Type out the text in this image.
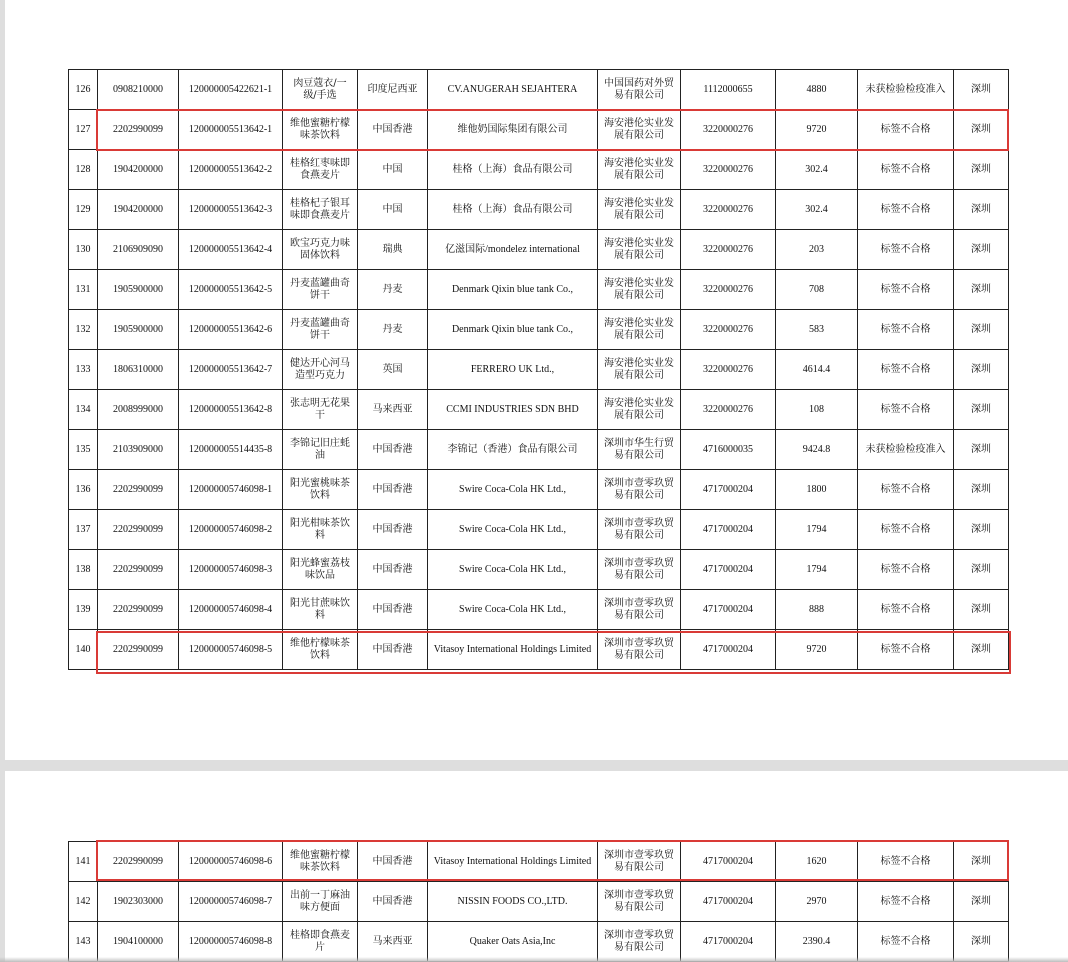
126	0908210000	120000005422621-1	肉豆蔻衣/一级/手选	印度尼西亚	CV.ANUGERAH SEJAHTERA	中国国药对外贸易有限公司	1112000655	4880	未获检验检疫准入	深圳
127	2202990099	120000005513642-1	维他蜜糖柠檬味茶饮料	中国香港	维他奶国际集团有限公司	海安港伦实业发展有限公司	3220000276	9720	标签不合格	深圳
128	1904200000	120000005513642-2	桂格红枣味即食燕麦片	中国	桂格（上海）食品有限公司	海安港伦实业发展有限公司	3220000276	302.4	标签不合格	深圳
129	1904200000	120000005513642-3	桂格杞子银耳味即食燕麦片	中国	桂格（上海）食品有限公司	海安港伦实业发展有限公司	3220000276	302.4	标签不合格	深圳
130	2106909090	120000005513642-4	欧宝巧克力味固体饮料	瑞典	亿滋国际/mondelez international	海安港伦实业发展有限公司	3220000276	203	标签不合格	深圳
131	1905900000	120000005513642-5	丹麦蓝罐曲奇饼干	丹麦	Denmark Qixin blue tank Co.,	海安港伦实业发展有限公司	3220000276	708	标签不合格	深圳
132	1905900000	120000005513642-6	丹麦蓝罐曲奇饼干	丹麦	Denmark Qixin blue tank Co.,	海安港伦实业发展有限公司	3220000276	583	标签不合格	深圳
133	1806310000	120000005513642-7	健达开心河马造型巧克力	英国	FERRERO UK Ltd.,	海安港伦实业发展有限公司	3220000276	4614.4	标签不合格	深圳
134	2008999000	120000005513642-8	张志明无花果干	马来西亚	CCMI INDUSTRIES SDN BHD	海安港伦实业发展有限公司	3220000276	108	标签不合格	深圳
135	2103909000	120000005514435-8	李锦记旧庄蚝油	中国香港	李锦记（香港）食品有限公司	深圳市华生行贸易有限公司	4716000035	9424.8	未获检验检疫准入	深圳
136	2202990099	120000005746098-1	阳光蜜桃味茶饮料	中国香港	Swire Coca-Cola HK Ltd.,	深圳市壹零玖贸易有限公司	4717000204	1800	标签不合格	深圳
137	2202990099	120000005746098-2	阳光柑味茶饮料	中国香港	Swire Coca-Cola HK Ltd.,	深圳市壹零玖贸易有限公司	4717000204	1794	标签不合格	深圳
138	2202990099	120000005746098-3	阳光蜂蜜荔枝味饮品	中国香港	Swire Coca-Cola HK Ltd.,	深圳市壹零玖贸易有限公司	4717000204	1794	标签不合格	深圳
139	2202990099	120000005746098-4	阳光甘蔗味饮料	中国香港	Swire Coca-Cola HK Ltd.,	深圳市壹零玖贸易有限公司	4717000204	888	标签不合格	深圳
140	2202990099	120000005746098-5	维他柠檬味茶饮料	中国香港	Vitasoy International Holdings Limited	深圳市壹零玖贸易有限公司	4717000204	9720	标签不合格	深圳
141	2202990099	120000005746098-6	维他蜜糖柠檬味茶饮料	中国香港	Vitasoy International Holdings Limited	深圳市壹零玖贸易有限公司	4717000204	1620	标签不合格	深圳
142	1902303000	120000005746098-7	出前一丁麻油味方便面	中国香港	NISSIN FOODS CO.,LTD.	深圳市壹零玖贸易有限公司	4717000204	2970	标签不合格	深圳
143	1904100000	120000005746098-8	桂格即食燕麦片	马来西亚	Quaker Oats Asia,Inc	深圳市壹零玖贸易有限公司	4717000204	2390.4	标签不合格	深圳
